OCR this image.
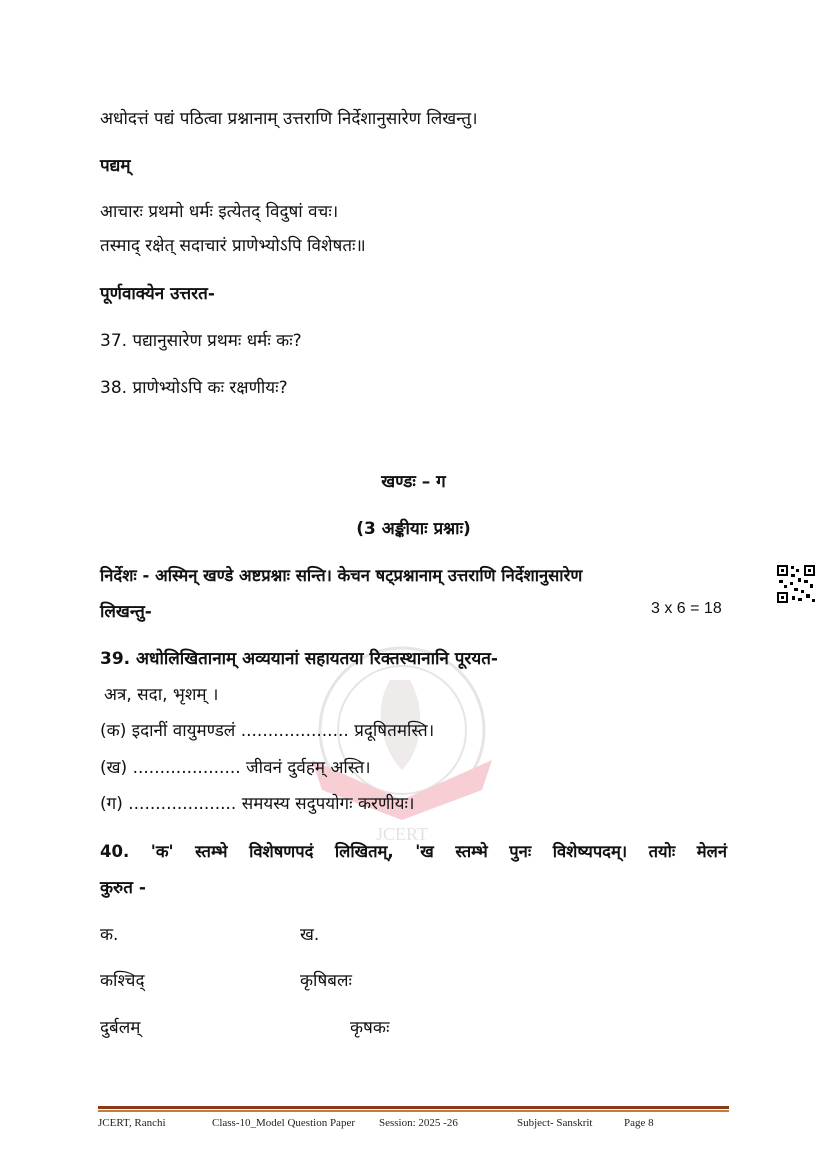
JCERT
अधोदत्तं पद्यं पठित्वा प्रश्नानाम् उत्तराणि निर्देशानुसारेण लिखन्तु।
पद्यम्
आचारः प्रथमो धर्मः इत्येतद् विदुषां वचः।
तस्माद् रक्षेत् सदाचारं प्राणेभ्योऽपि विशेषतः॥
पूर्णवाक्येन उत्तरत-
37. पद्यानुसारेण प्रथमः धर्मः कः?
38. प्राणेभ्योऽपि कः रक्षणीयः?
खण्डः – ग
(3 अङ्कीयाः प्रश्नाः)
निर्देशः - अस्मिन् खण्डे अष्टप्रश्नाः सन्ति। केचन षट्प्रश्नानाम् उत्तराणि निर्देशानुसारेण
लिखन्तु-	3 x 6 = 18
39. अधोलिखितानाम् अव्ययानां सहायतया रिक्तस्थानानि पूरयत-
अत्र, सदा, भृशम् ।
(क) इदानीं वायुमण्डलं .................... प्रदूषितमस्ति।
(ख) .................... जीवनं दुर्वहम् अस्ति।
(ग) .................... समयस्य सदुपयोगः करणीयः।
40. 'क' स्तम्भे विशेषणपदं लिखितम्, 'ख स्तम्भे पुनः विशेष्यपदम्। तयोः मेलनं
कुरुत -
क.	ख.
कश्चिद्	कृषिबलः
दुर्बलम्	कृषकः
JCERT, Ranchi	Class-10_Model Question Paper Session: 2025 -26	Subject- Sanskrit	Page 8
